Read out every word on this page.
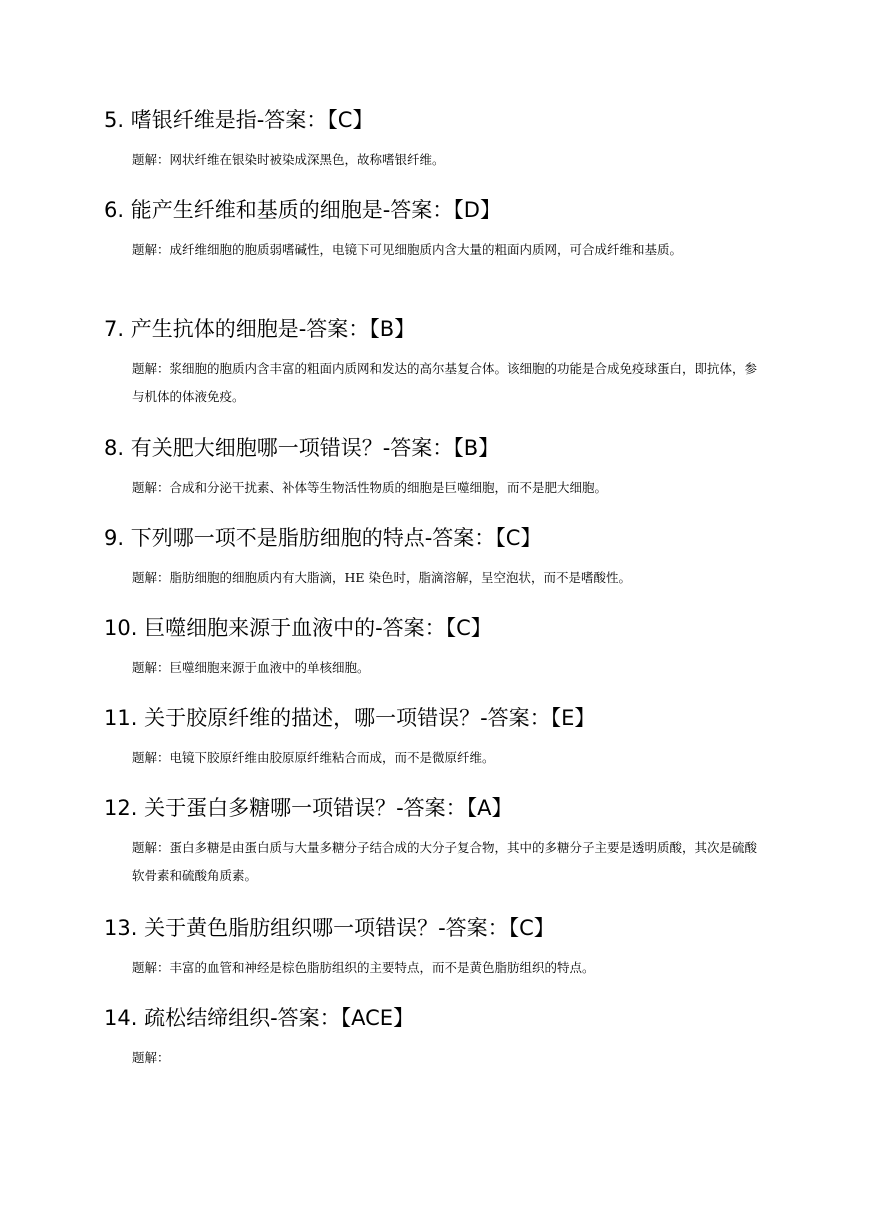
5. 嗜银纤维是指-答案：【C】

题解：网状纤维在银染时被染成深黑色，故称嗜银纤维。

6. 能产生纤维和基质的细胞是-答案：【D】

题解：成纤维细胞的胞质弱嗜碱性，电镜下可见细胞质内含大量的粗面内质网，可合成纤维和基质。

7. 产生抗体的细胞是-答案：【B】

题解：浆细胞的胞质内含丰富的粗面内质网和发达的高尔基复合体。该细胞的功能是合成免疫球蛋白，即抗体，参与机体的体液免疫。

8. 有关肥大细胞哪一项错误？-答案：【B】

题解：合成和分泌干扰素、补体等生物活性物质的细胞是巨噬细胞，而不是肥大细胞。

9. 下列哪一项不是脂肪细胞的特点-答案：【C】

题解：脂肪细胞的细胞质内有大脂滴，HE 染色时，脂滴溶解，呈空泡状，而不是嗜酸性。

10. 巨噬细胞来源于血液中的-答案：【C】

题解：巨噬细胞来源于血液中的单核细胞。

11. 关于胶原纤维的描述，哪一项错误？-答案：【E】

题解：电镜下胶原纤维由胶原原纤维粘合而成，而不是微原纤维。

12. 关于蛋白多糖哪一项错误？-答案：【A】

题解：蛋白多糖是由蛋白质与大量多糖分子结合成的大分子复合物，其中的多糖分子主要是透明质酸，其次是硫酸软骨素和硫酸角质素。

13. 关于黄色脂肪组织哪一项错误？-答案：【C】

题解：丰富的血管和神经是棕色脂肪组织的主要特点，而不是黄色脂肪组织的特点。

14. 疏松结缔组织-答案：【ACE】

题解：
